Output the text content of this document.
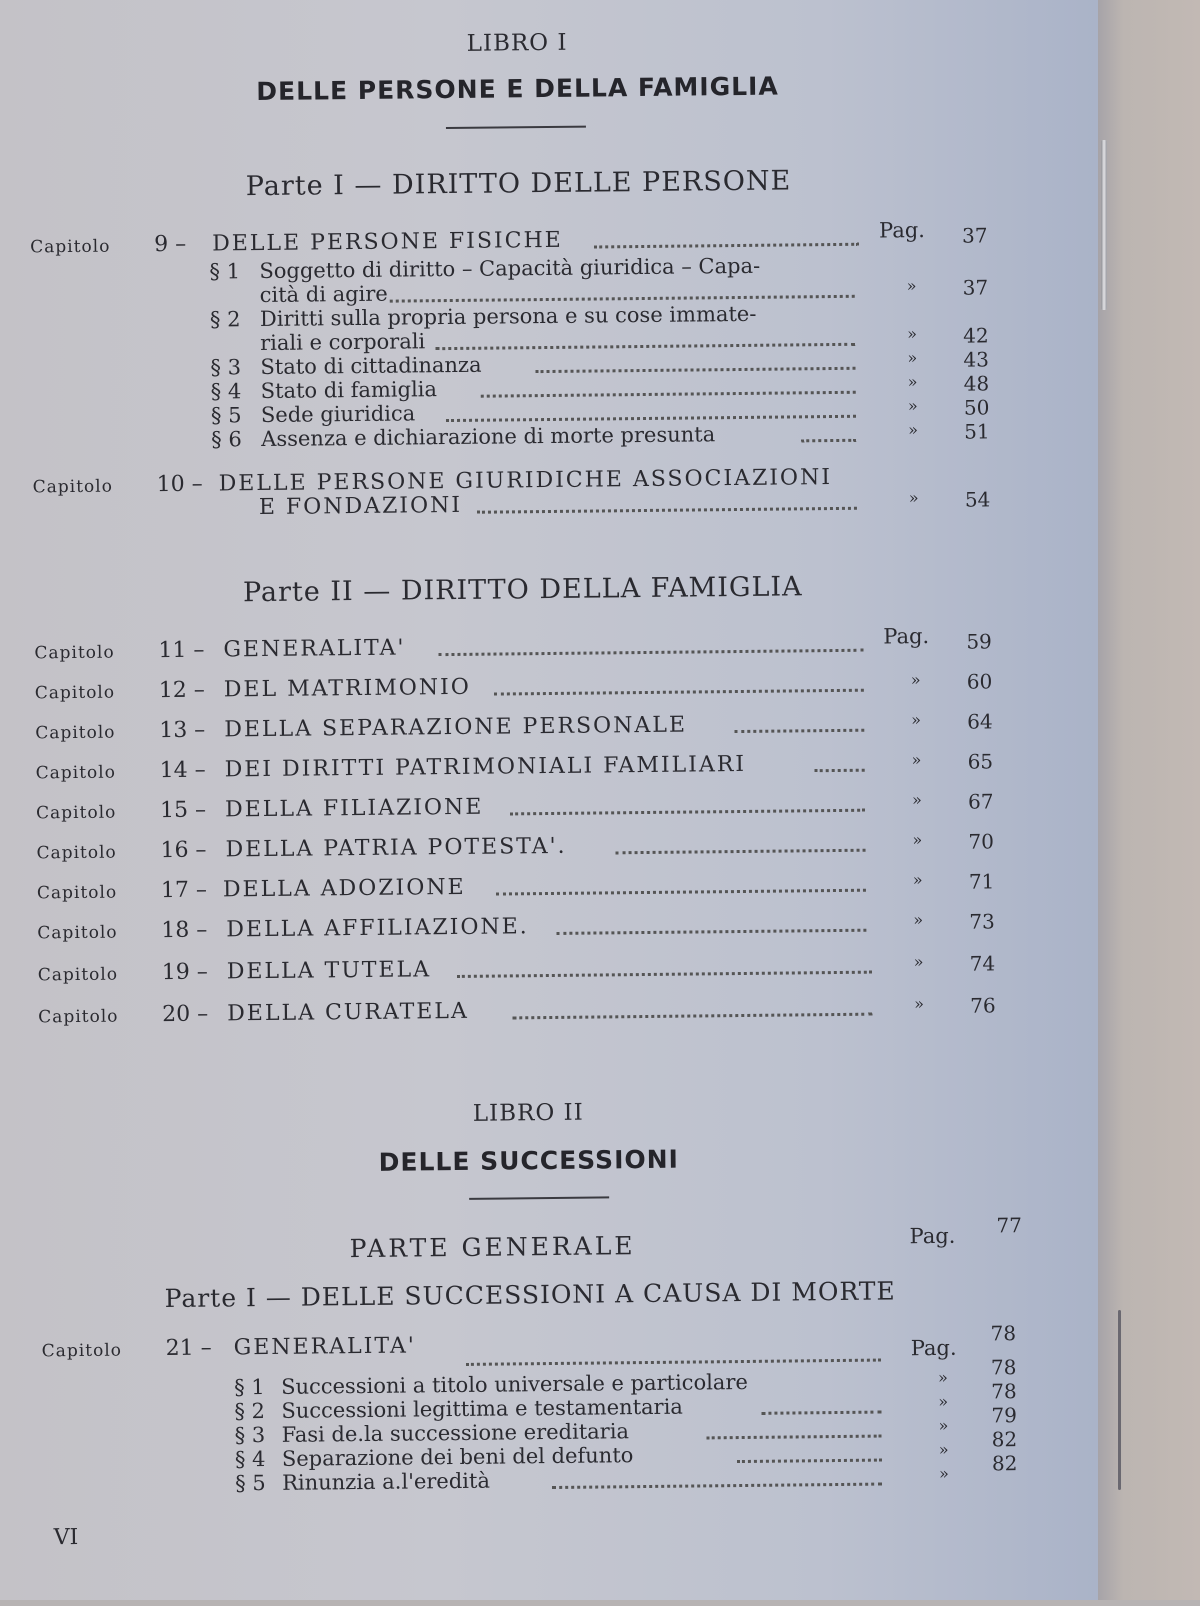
LIBRO I
DELLE PERSONE E DELLA FAMIGLIA
Parte I — DIRITTO DELLE PERSONE
Capitolo 9 – DELLE PERSONE FISICHE	Pag. 37
§ 1 Soggetto di diritto – Capacità giuridica – Capa-
cità di agire	» 37
§ 2 Diritti sulla propria persona e su cose immate-
riali e corporali	» 42
§ 3 Stato di cittadinanza	» 43
§ 4 Stato di famiglia	» 48
§ 5 Sede giuridica	» 50
§ 6 Assenza e dichiarazione di morte presunta	» 51
Capitolo 10 – DELLE PERSONE GIURIDICHE ASSOCIAZIONI
E FONDAZIONI	» 54
Parte II — DIRITTO DELLA FAMIGLIA
Capitolo 11 – GENERALITA'	Pag. 59
Capitolo 12 – DEL MATRIMONIO	» 60
Capitolo 13 – DELLA SEPARAZIONE PERSONALE	» 64
Capitolo 14 – DEI DIRITTI PATRIMONIALI FAMILIARI	» 65
Capitolo 15 – DELLA FILIAZIONE	» 67
Capitolo 16 – DELLA PATRIA POTESTA'.	» 70
Capitolo 17 – DELLA ADOZIONE	» 71
Capitolo 18 – DELLA AFFILIAZIONE.	» 73
Capitolo 19 – DELLA TUTELA	» 74
Capitolo 20 – DELLA CURATELA	» 76
LIBRO II
DELLE SUCCESSIONI
PARTE GENERALE	Pag. 77
Parte I — DELLE SUCCESSIONI A CAUSA DI MORTE
Capitolo 21 – GENERALITA'	Pag.
78
§ 1 Successioni a titolo universale e particolare	» 78
§ 2 Successioni legittima e testamentaria	» 78
§ 3 Fasi de.la successione ereditaria	» 79
§ 4 Separazione dei beni del defunto	» 82
§ 5 Rinunzia a.l'eredità	» 82
VI
